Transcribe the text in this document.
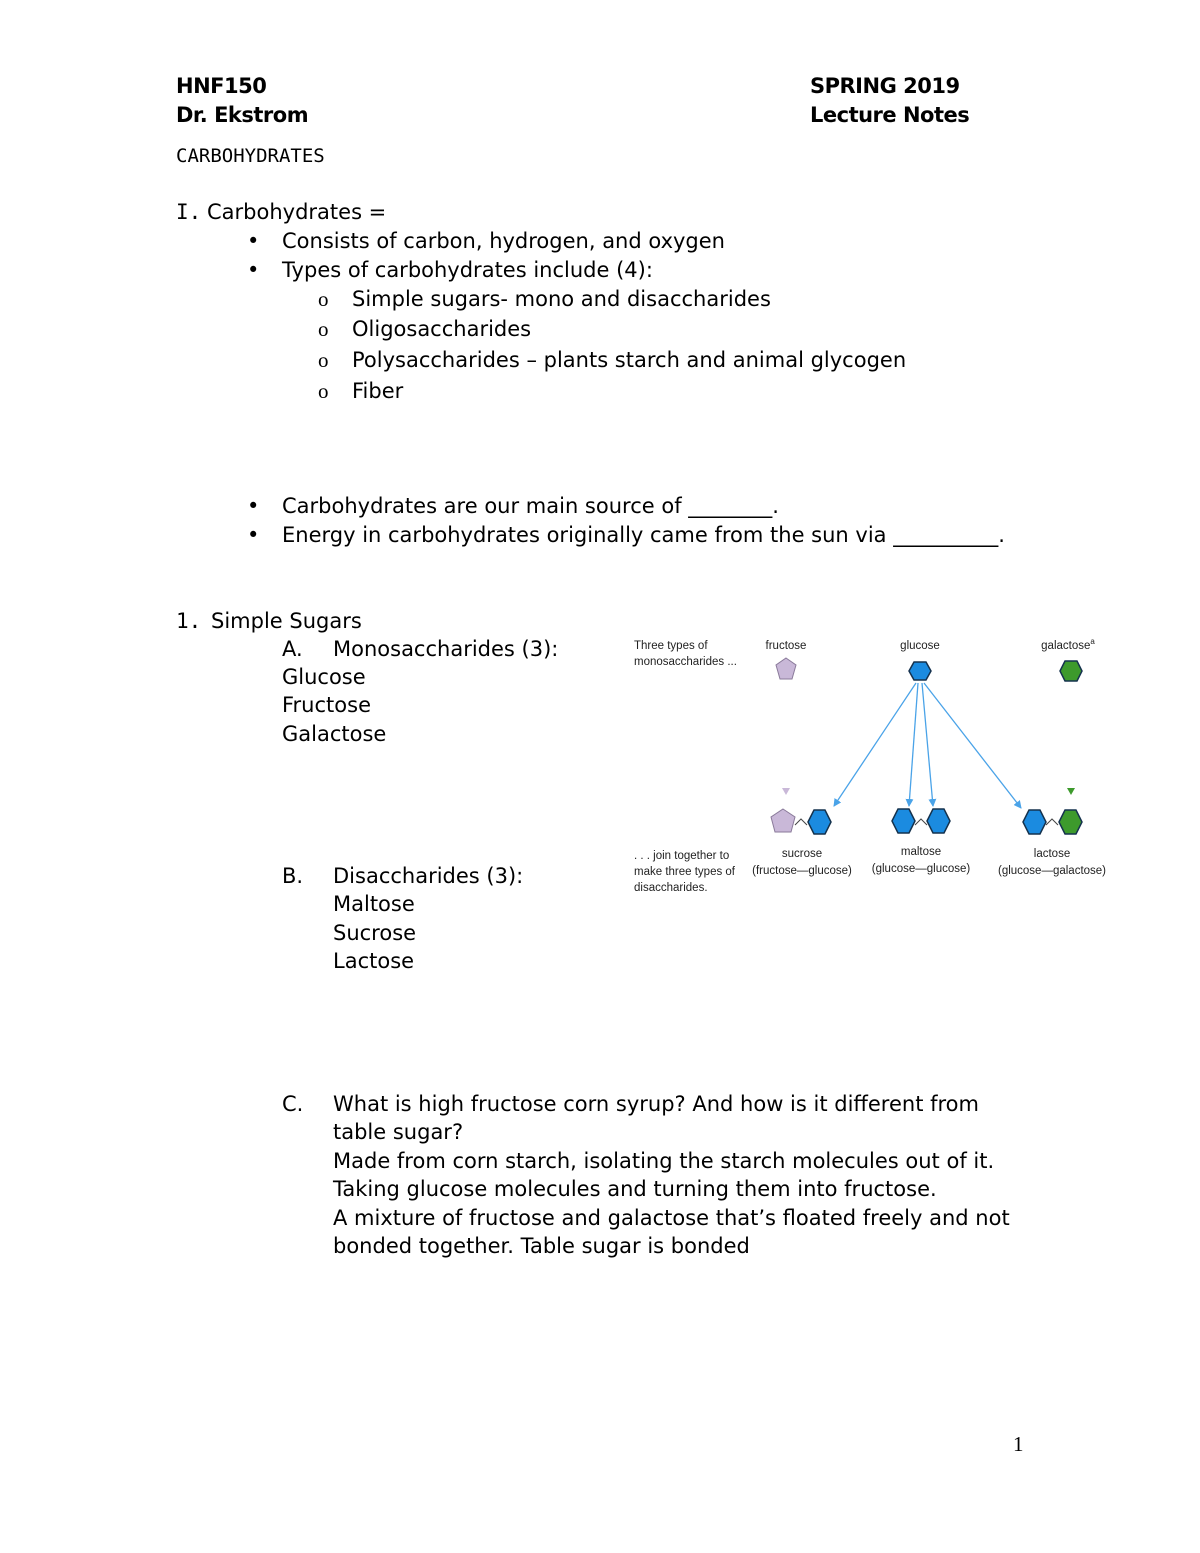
HNF150
Dr. Ekstrom
SPRING 2019
Lecture Notes
CARBOHYDRATES
I. Carbohydrates =
• Consists of carbon, hydrogen, and oxygen
• Types of carbohydrates include (4):
o Simple sugars- mono and disaccharides
o Oligosaccharides
o Polysaccharides – plants starch and animal glycogen
o Fiber
• Carbohydrates are our main source of ________.
• Energy in carbohydrates originally came from the sun via __________.
1. Simple Sugars
A. Monosaccharides (3):
Glucose
Fructose
Galactose
B. Disaccharides (3):
Maltose
Sucrose
Lactose
C. What is high fructose corn syrup? And how is it different from
table sugar?
Made from corn starch, isolating the starch molecules out of it.
Taking glucose molecules and turning them into fructose.
A mixture of fructose and galactose that’s floated freely and not
bonded together. Table sugar is bonded
Three types of
monosaccharides ...
fructose	glucose	galactose$^a$
sucrose
(fructose—glucose)
maltose
(glucose—glucose)
lactose
(glucose—galactose)
. . . join together to
make three types of
disaccharides.
1
